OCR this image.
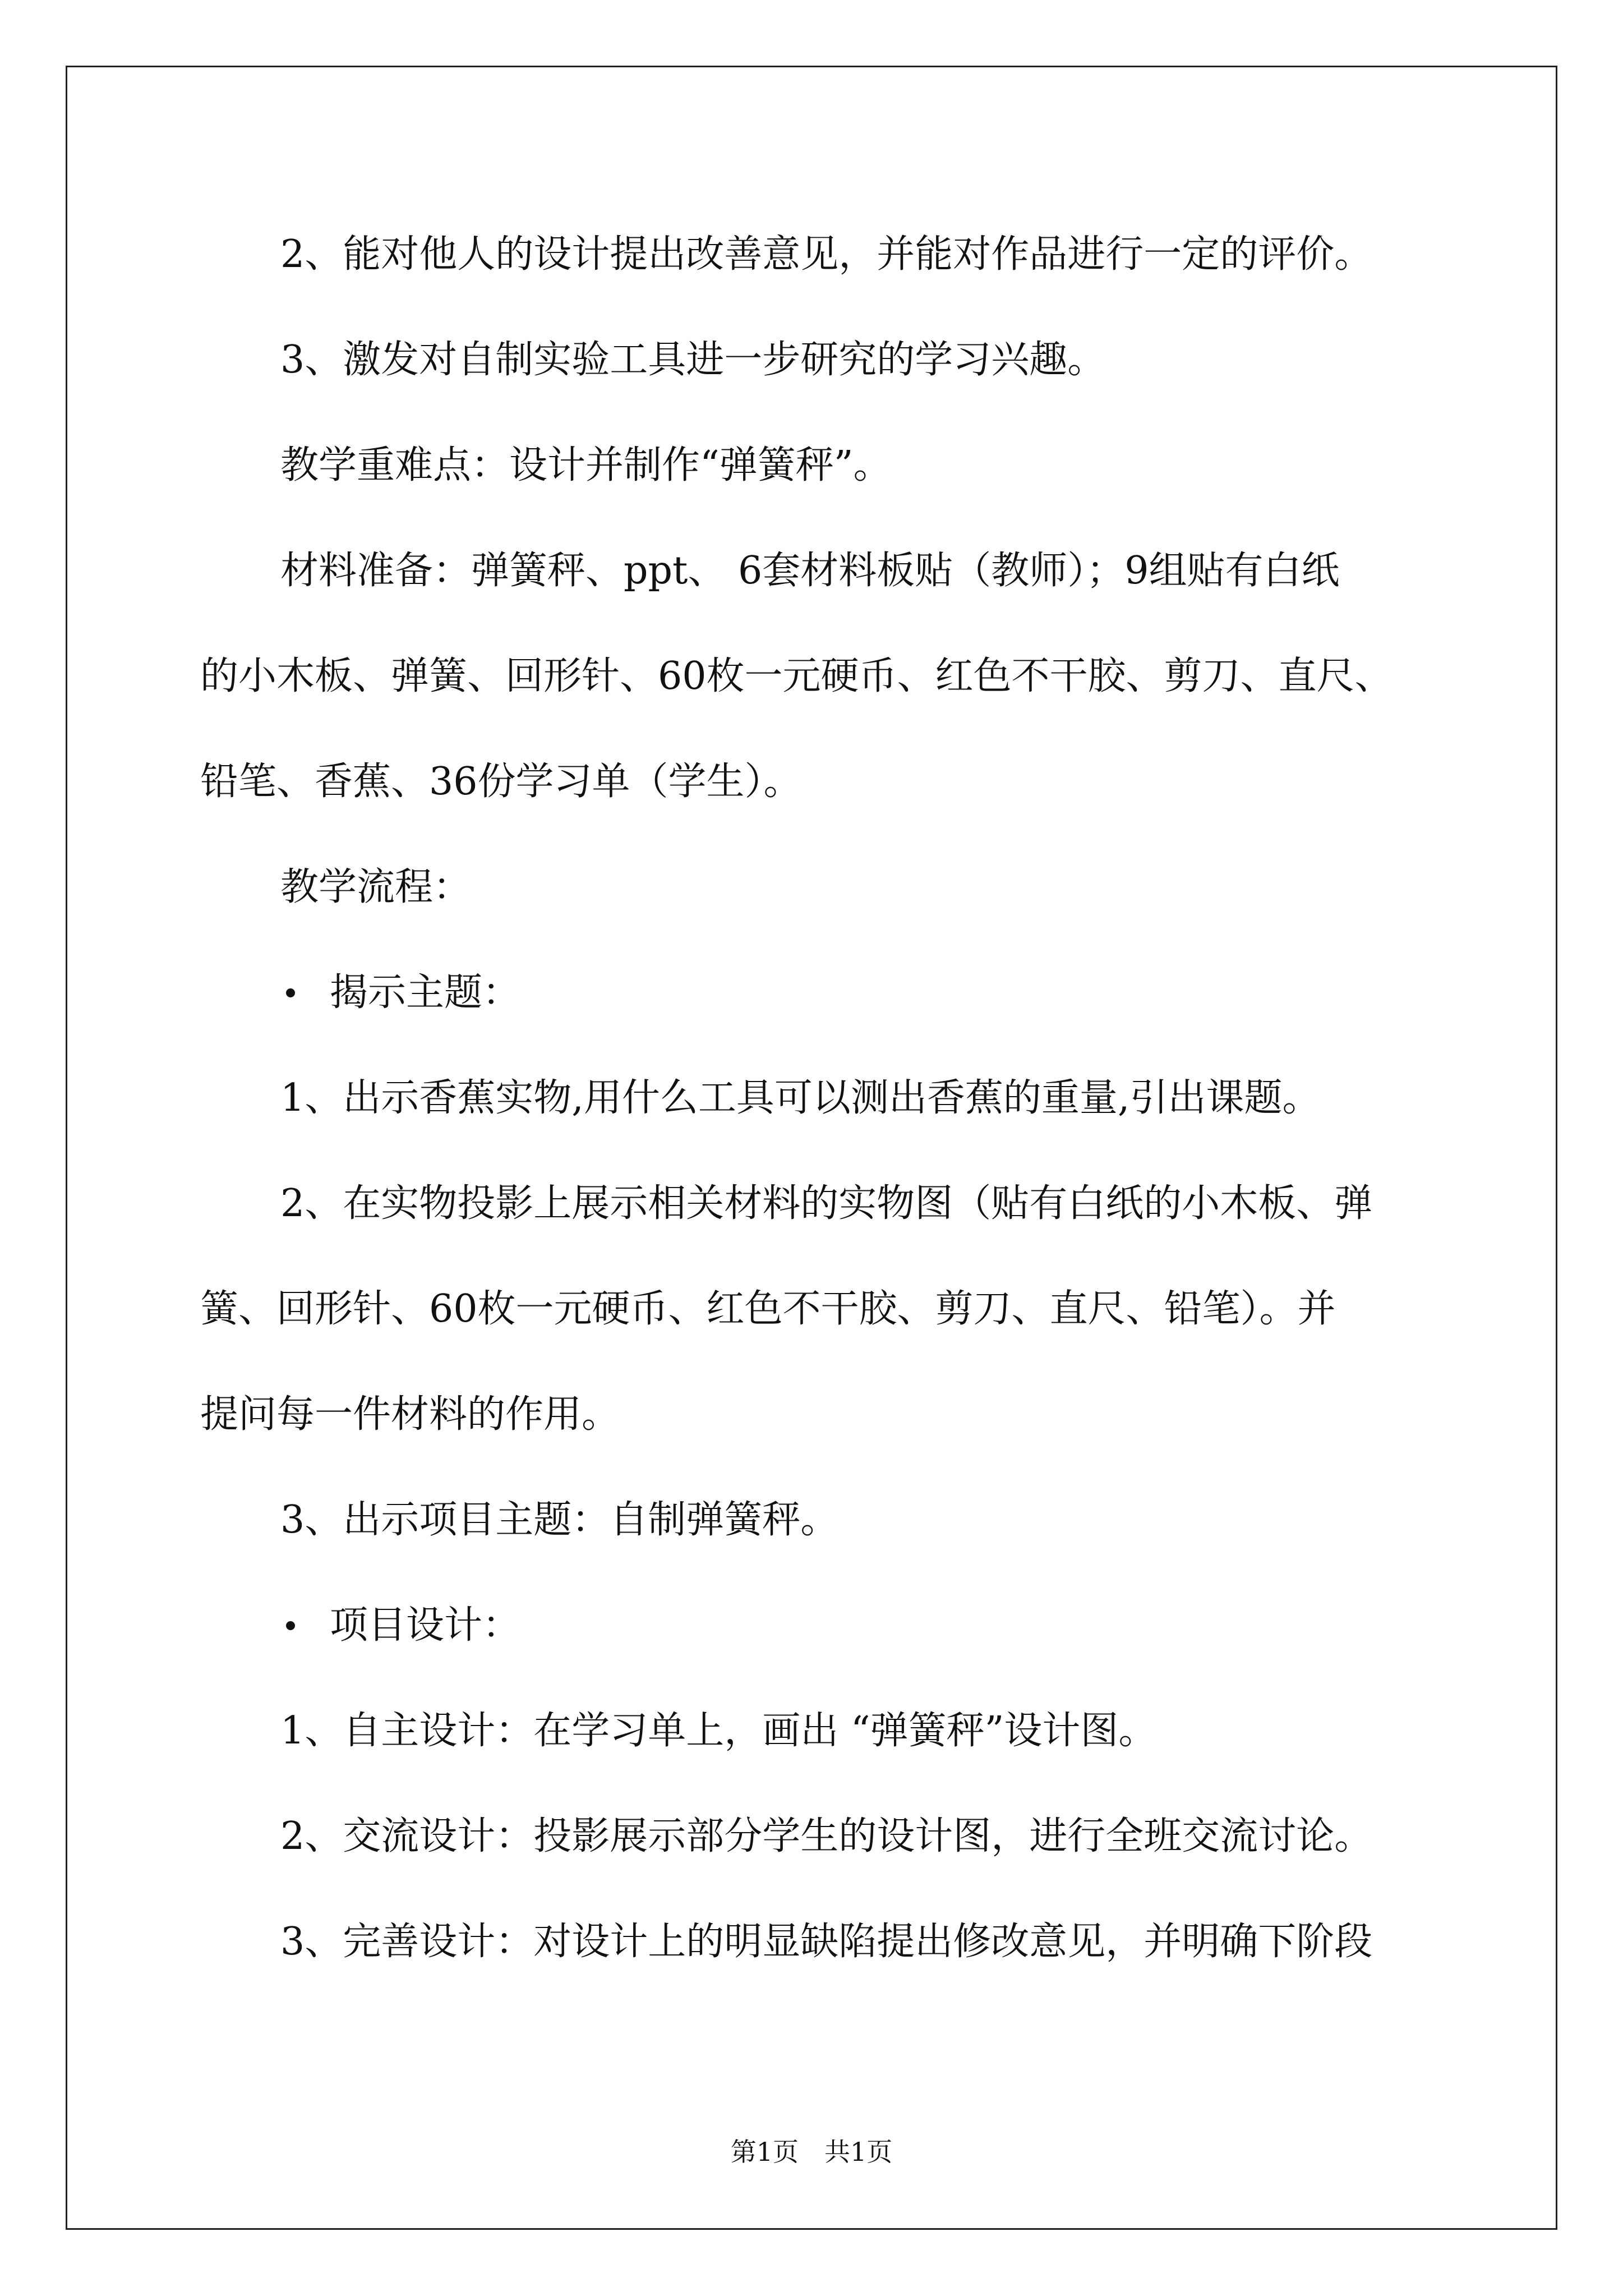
2、能对他人的设计提出改善意见，并能对作品进行一定的评价。
3、激发对自制实验工具进一步研究的学习兴趣。
教学重难点：设计并制作“弹簧秤”。
材料准备：弹簧秤、ppt、 6套材料板贴（教师）；9组贴有白纸
的小木板、弹簧、回形针、60枚一元硬币、红色不干胶、剪刀、直尺、
铅笔、香蕉、36份学习单（学生）。
教学流程：
揭示主题：
1、出示香蕉实物,用什么工具可以测出香蕉的重量,引出课题。
2、在实物投影上展示相关材料的实物图（贴有白纸的小木板、弹
簧、回形针、60枚一元硬币、红色不干胶、剪刀、直尺、铅笔）。并
提问每一件材料的作用。
3、出示项目主题：自制弹簧秤。
项目设计：
1、自主设计：在学习单上，画出 “弹簧秤”设计图。
2、交流设计：投影展示部分学生的设计图，进行全班交流讨论。
3、完善设计：对设计上的明显缺陷提出修改意见，并明确下阶段
第1页　共1页
